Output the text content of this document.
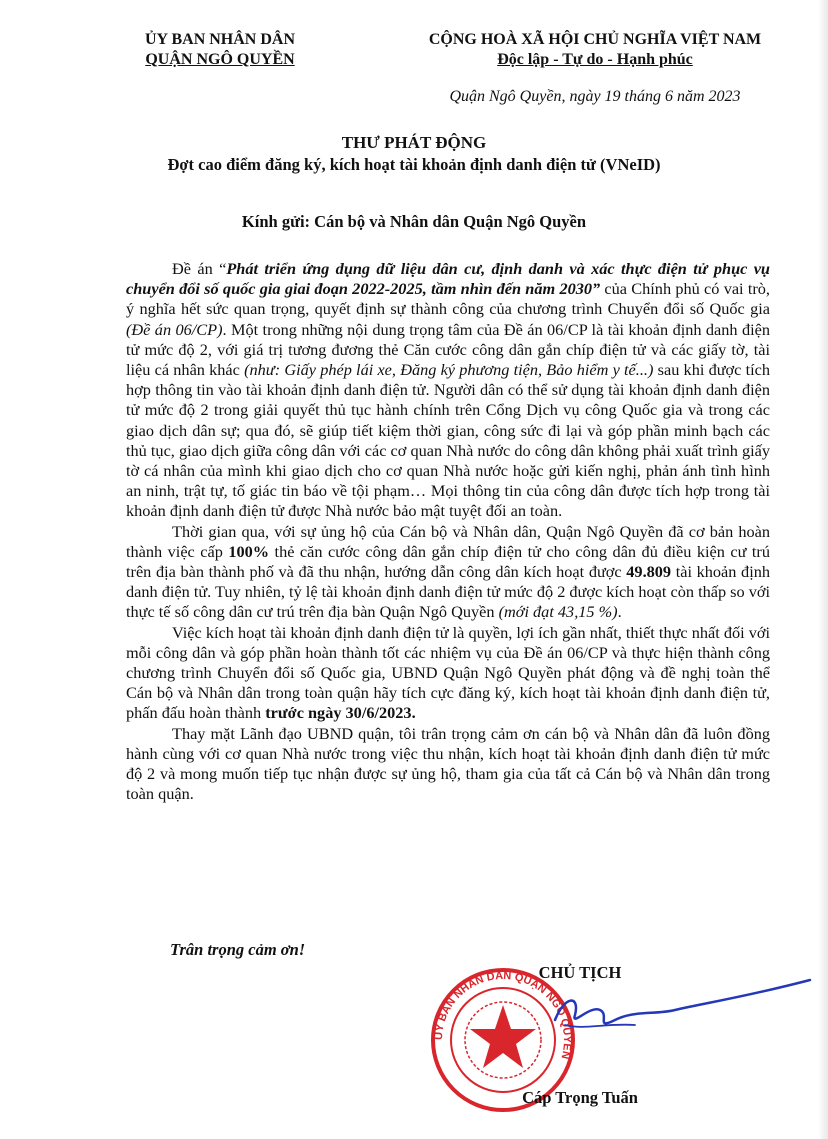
ỦY BAN NHÂN DÂN
QUẬN NGÔ QUYỀN
CỘNG HOÀ XÃ HỘI CHỦ NGHĨA VIỆT NAM
Độc lập - Tự do - Hạnh phúc
Quận Ngô Quyền, ngày 19 tháng 6 năm 2023
THƯ PHÁT ĐỘNG
Đợt cao điểm đăng ký, kích hoạt tài khoản định danh điện tử (VNeID)
Kính gửi: Cán bộ và Nhân dân Quận Ngô Quyền

Đề án “Phát triển ứng dụng dữ liệu dân cư, định danh và xác thực điện tử phục vụ chuyển đổi số quốc gia giai đoạn 2022-2025, tầm nhìn đến năm 2030” của Chính phủ có vai trò, ý nghĩa hết sức quan trọng, quyết định sự thành công của chương trình Chuyển đổi số Quốc gia (Đề án 06/CP). Một trong những nội dung trọng tâm của Đề án 06/CP là tài khoản định danh điện tử mức độ 2, với giá trị tương đương thẻ Căn cước công dân gắn chíp điện tử và các giấy tờ, tài liệu cá nhân khác (như: Giấy phép lái xe, Đăng ký phương tiện, Bảo hiểm y tế...) sau khi được tích hợp thông tin vào tài khoản định danh điện tử. Người dân có thể sử dụng tài khoản định danh điện tử mức độ 2 trong giải quyết thủ tục hành chính trên Cổng Dịch vụ công Quốc gia và trong các giao dịch dân sự; qua đó, sẽ giúp tiết kiệm thời gian, công sức đi lại và góp phần minh bạch các thủ tục, giao dịch giữa công dân với các cơ quan Nhà nước do công dân không phải xuất trình giấy tờ cá nhân của mình khi giao dịch cho cơ quan Nhà nước hoặc gửi kiến nghị, phản ánh tình hình an ninh, trật tự, tố giác tin báo về tội phạm… Mọi thông tin của công dân được tích hợp trong tài khoản định danh điện tử được Nhà nước bảo mật tuyệt đối an toàn.

Thời gian qua, với sự ủng hộ của Cán bộ và Nhân dân, Quận Ngô Quyền đã cơ bản hoàn thành việc cấp 100% thẻ căn cước công dân gắn chíp điện tử cho công dân đủ điều kiện cư trú trên địa bàn thành phố và đã thu nhận, hướng dẫn công dân kích hoạt được 49.809 tài khoản định danh điện tử. Tuy nhiên, tỷ lệ tài khoản định danh điện tử mức độ 2 được kích hoạt còn thấp so với thực tế số công dân cư trú trên địa bàn Quận Ngô Quyền (mới đạt 43,15 %).

Việc kích hoạt tài khoản định danh điện tử là quyền, lợi ích gần nhất, thiết thực nhất đối với mỗi công dân và góp phần hoàn thành tốt các nhiệm vụ của Đề án 06/CP và thực hiện thành công chương trình Chuyển đổi số Quốc gia, UBND Quận Ngô Quyền phát động và đề nghị toàn thể Cán bộ và Nhân dân trong toàn quận hãy tích cực đăng ký, kích hoạt tài khoản định danh điện tử, phấn đấu hoàn thành trước ngày 30/6/2023.

Thay mặt Lãnh đạo UBND quận, tôi trân trọng cảm ơn cán bộ và Nhân dân đã luôn đồng hành cùng với cơ quan Nhà nước trong việc thu nhận, kích hoạt tài khoản định danh điện tử mức độ 2 và mong muốn tiếp tục nhận được sự ủng hộ, tham gia của tất cả Cán bộ và Nhân dân trong toàn quận.

Trân trọng cảm ơn!
ỦY BAN NHÂN DÂN QUẬN NGÔ QUYỀN
CHỦ TỊCH
Cáp Trọng Tuấn
